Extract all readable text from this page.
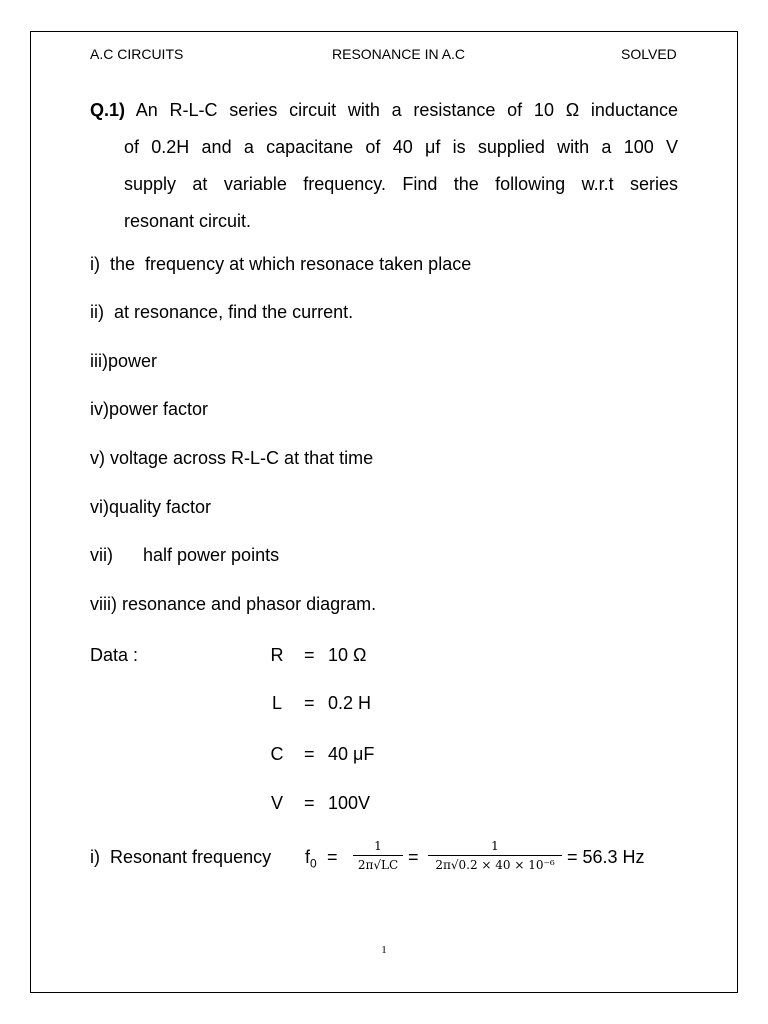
A.C CIRCUITS	RESONANCE IN A.C	SOLVED
Q.1) An R-L-C series circuit with a resistance of 10 Ω inductance
of 0.2H and a capacitane of 40 μf is supplied with a 100 V
supply at variable frequency. Find the following w.r.t series
resonant circuit.
i)  the  frequency at which resonace taken place
ii)  at resonance, find the current.
iii)power
iv)power factor
v) voltage across R-L-C at that time
vi)quality factor
vii)      half power points
viii) resonance and phasor diagram.
Data :	R = 10 Ω
L = 0.2 H
C = 40 μF
V = 100V
i)  Resonant frequency $f_0 = \frac{1}{2\pi√LC} = \frac{1}{\text{2π√0.2 × 40 × 10⁻⁶}} = 56.3$ Hz
1
